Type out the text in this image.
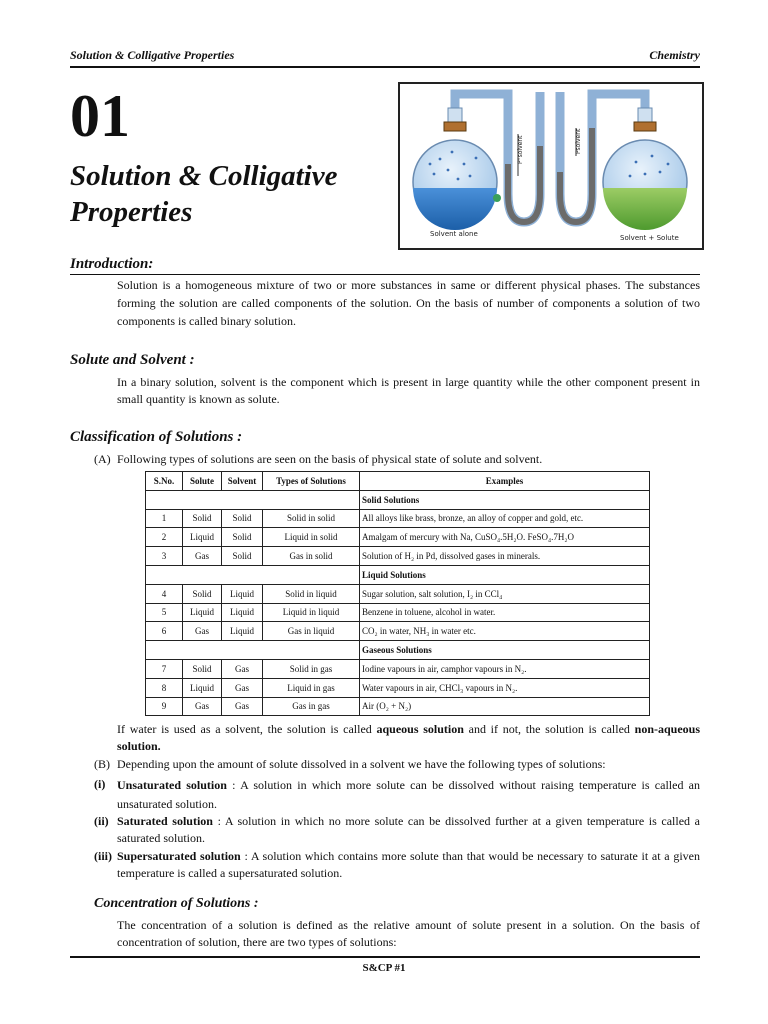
Solution & Colligative Properties	Chemistry
01
Solution & Colligative Properties
P°solvent	Psolvent
Solvent alone	Solvent + Solute
Introduction:
Solution is a homogeneous mixture of two or more substances in same or different physical phases. The substances forming the solution are called components of the solution. On the basis of number of components a solution of two components is called binary solution.
Solute and Solvent :
In a binary solution, solvent is the component which is present in large quantity while the other component present in small quantity is known as solute.
Classification of Solutions :
(A) Following types of solutions are seen on the basis of physical state of solute and solvent.
S.No.	Solute	Solvent	Types of Solutions	Examples
				Solid Solutions
1	Solid	Solid	Solid in solid	All alloys like brass, bronze, an alloy of copper and gold, etc.
2	Liquid	Solid	Liquid in solid	Amalgam of mercury with Na, CuSO₄.5H₂O. FeSO₄.7H₂O
3	Gas	Solid	Gas in solid	Solution of H₂ in Pd, dissolved gases in minerals.
				Liquid Solutions
4	Solid	Liquid	Solid in liquid	Sugar solution, salt solution, I₂ in CCl₄
5	Liquid	Liquid	Liquid in liquid	Benzene in toluene, alcohol in water.
6	Gas	Liquid	Gas in liquid	CO₂ in water, NH₃ in water etc.
				Gaseous Solutions
7	Solid	Gas	Solid in gas	Iodine vapours in air, camphor vapours in N₂.
8	Liquid	Gas	Liquid in gas	Water vapours in air, CHCl₃ vapours in N₂.
9	Gas	Gas	Gas in gas	Air (O₂ + N₂)
If water is used as a solvent, the solution is called aqueous solution and if not, the solution is called non-aqueous solution.
(B) Depending upon the amount of solute dissolved in a solvent we have the following types of solutions:
(i) Unsaturated solution : A solution in which more solute can be dissolved without raising temperature is called an unsaturated solution.
(ii) Saturated solution : A solution in which no more solute can be dissolved further at a given temperature is called a saturated solution.
(iii) Supersaturated solution : A solution which contains more solute than that would be necessary to saturate it at a given temperature is called a supersaturated solution.
Concentration of Solutions :
The concentration of a solution is defined as the relative amount of solute present in a solution. On the basis of concentration of solution, there are two types of solutions:
S&CP #1
